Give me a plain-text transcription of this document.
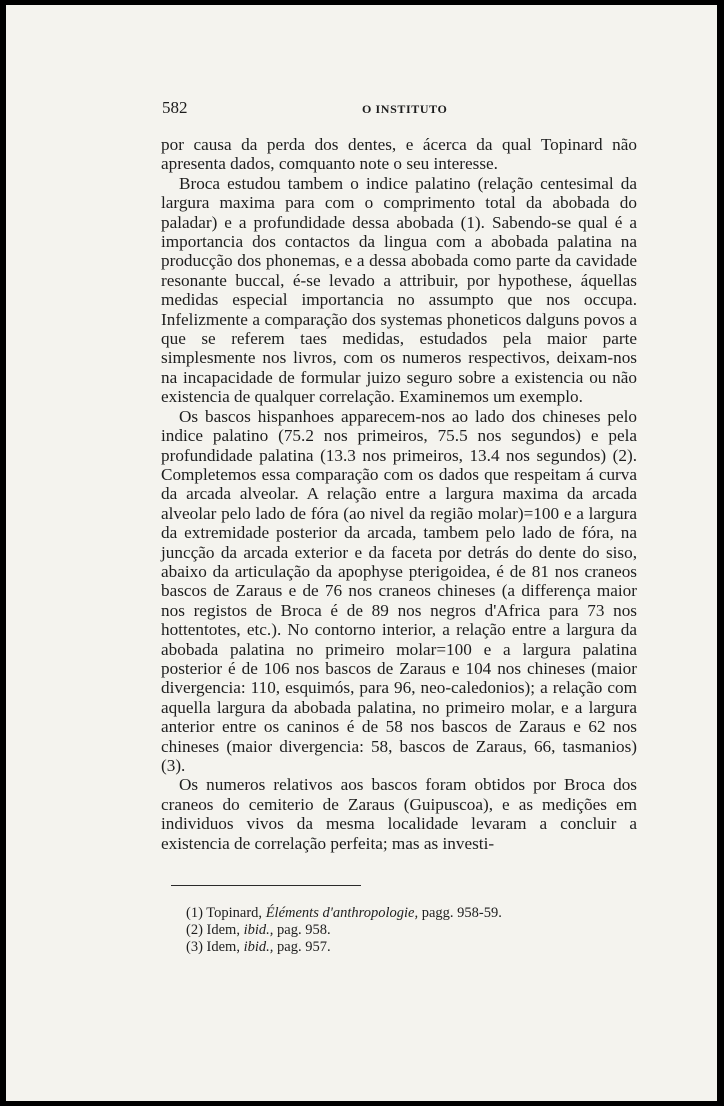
582	O INSTITUTO

por causa da perda dos dentes, e ácerca da qual Topinard não apresenta dados, comquanto note o seu interesse.

Broca estudou tambem o indice palatino (relação centesimal da largura maxima para com o comprimento total da abobada do paladar) e a profundidade dessa abobada (1). Sabendo-se qual é a importancia dos contactos da lingua com a abobada palatina na producção dos phonemas, e a dessa abobada como parte da cavidade resonante buccal, é-se levado a attribuir, por hypothese, áquellas medidas especial importancia no assumpto que nos occupa. Infelizmente a comparação dos systemas phoneticos dalguns povos a que se referem taes medidas, estudados pela maior parte simplesmente nos livros, com os numeros respectivos, deixam-nos na incapacidade de formular juizo seguro sobre a existencia ou não existencia de qualquer correlação. Examinemos um exemplo.

Os bascos hispanhoes apparecem-nos ao lado dos chineses pelo indice palatino (75.2 nos primeiros, 75.5 nos segundos) e pela profundidade palatina (13.3 nos primeiros, 13.4 nos segundos) (2). Completemos essa comparação com os dados que respeitam á curva da arcada alveolar. A relação entre a largura maxima da arcada alveolar pelo lado de fóra (ao nivel da região molar)=100 e a largura da extremidade posterior da arcada, tambem pelo lado de fóra, na juncção da arcada exterior e da faceta por detrás do dente do siso, abaixo da articulação da apophyse pterigoidea, é de 81 nos craneos bascos de Zaraus e de 76 nos craneos chineses (a differença maior nos registos de Broca é de 89 nos negros d'Africa para 73 nos hottentotes, etc.). No contorno interior, a relação entre a largura da abobada palatina no primeiro molar=100 e a largura palatina posterior é de 106 nos bascos de Zaraus e 104 nos chineses (maior divergencia: 110, esquimós, para 96, neo-caledonios); a relação com aquella largura da abobada palatina, no primeiro molar, e a largura anterior entre os caninos é de 58 nos bascos de Zaraus e 62 nos chineses (maior divergencia: 58, bascos de Zaraus, 66, tasmanios) (3).

Os numeros relativos aos bascos foram obtidos por Broca dos craneos do cemiterio de Zaraus (Guipuscoa), e as medições em individuos vivos da mesma localidade levaram a concluir a existencia de correlação perfeita; mas as investi-

(1) Topinard, Éléments d'anthropologie, pagg. 958-59.
(2) Idem, ibid., pag. 958.
(3) Idem, ibid., pag. 957.
